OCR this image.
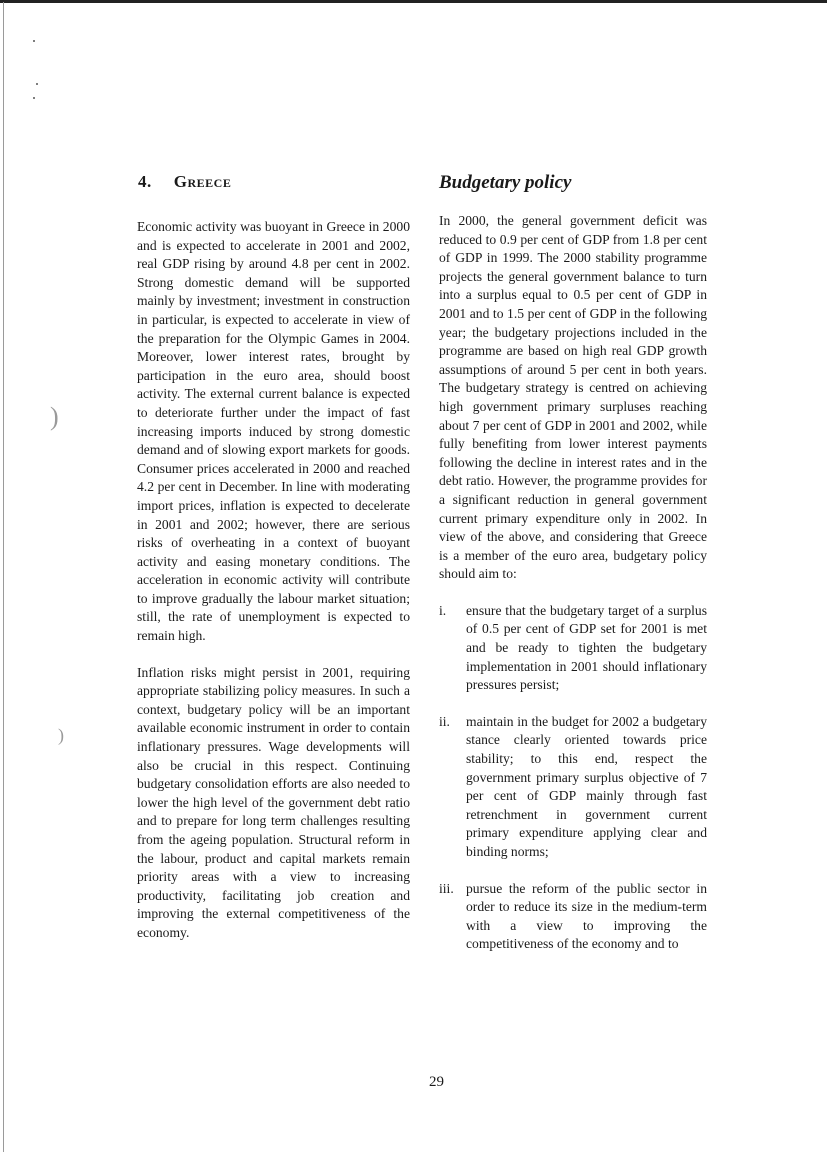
)
)
4. Greece	Budgetary policy

Economic activity was buoyant in Greece in 2000 and is expected to accelerate in 2001 and 2002, real GDP rising by around 4.8 per cent in 2002. Strong domestic demand will be supported mainly by investment; investment in construction in particular, is expected to accelerate in view of the preparation for the Olympic Games in 2004. Moreover, lower interest rates, brought by participation in the euro area, should boost activity. The external current balance is expected to deteriorate further under the impact of fast increasing imports induced by strong domestic demand and of slowing export markets for goods. Consumer prices accelerated in 2000 and reached 4.2 per cent in December. In line with moderating import prices, inflation is expected to decelerate in 2001 and 2002; however, there are serious risks of overheating in a context of buoyant activity and easing monetary conditions. The acceleration in economic activity will contribute to improve gradually the labour market situation; still, the rate of unemployment is expected to remain high.

Inflation risks might persist in 2001, requiring appropriate stabilizing policy measures. In such a context, budgetary policy will be an important available economic instrument in order to contain inflationary pressures. Wage developments will also be crucial in this respect. Continuing budgetary consolidation efforts are also needed to lower the high level of the government debt ratio and to prepare for long term challenges resulting from the ageing population. Structural reform in the labour, product and capital markets remain priority areas with a view to increasing productivity, facilitating job creation and improving the external competitiveness of the economy.

In 2000, the general government deficit was reduced to 0.9 per cent of GDP from 1.8 per cent of GDP in 1999. The 2000 stability programme projects the general government balance to turn into a surplus equal to 0.5 per cent of GDP in 2001 and to 1.5 per cent of GDP in the following year; the budgetary projections included in the programme are based on high real GDP growth assumptions of around 5 per cent in both years. The budgetary strategy is centred on achieving high government primary surpluses reaching about 7 per cent of GDP in 2001 and 2002, while fully benefiting from lower interest payments following the decline in interest rates and in the debt ratio. However, the programme provides for a significant reduction in general government current primary expenditure only in 2002. In view of the above, and considering that Greece is a member of the euro area, budgetary policy should aim to:

i. ensure that the budgetary target of a surplus of 0.5 per cent of GDP set for 2001 is met and be ready to tighten the budgetary implementation in 2001 should inflationary pressures persist;
ii. maintain in the budget for 2002 a budgetary stance clearly oriented towards price stability; to this end, respect the government primary surplus objective of 7 per cent of GDP mainly through fast retrenchment in government current primary expenditure applying clear and binding norms;
iii. pursue the reform of the public sector in order to reduce its size in the medium-term with a view to improving the competitiveness of the economy and to
29
